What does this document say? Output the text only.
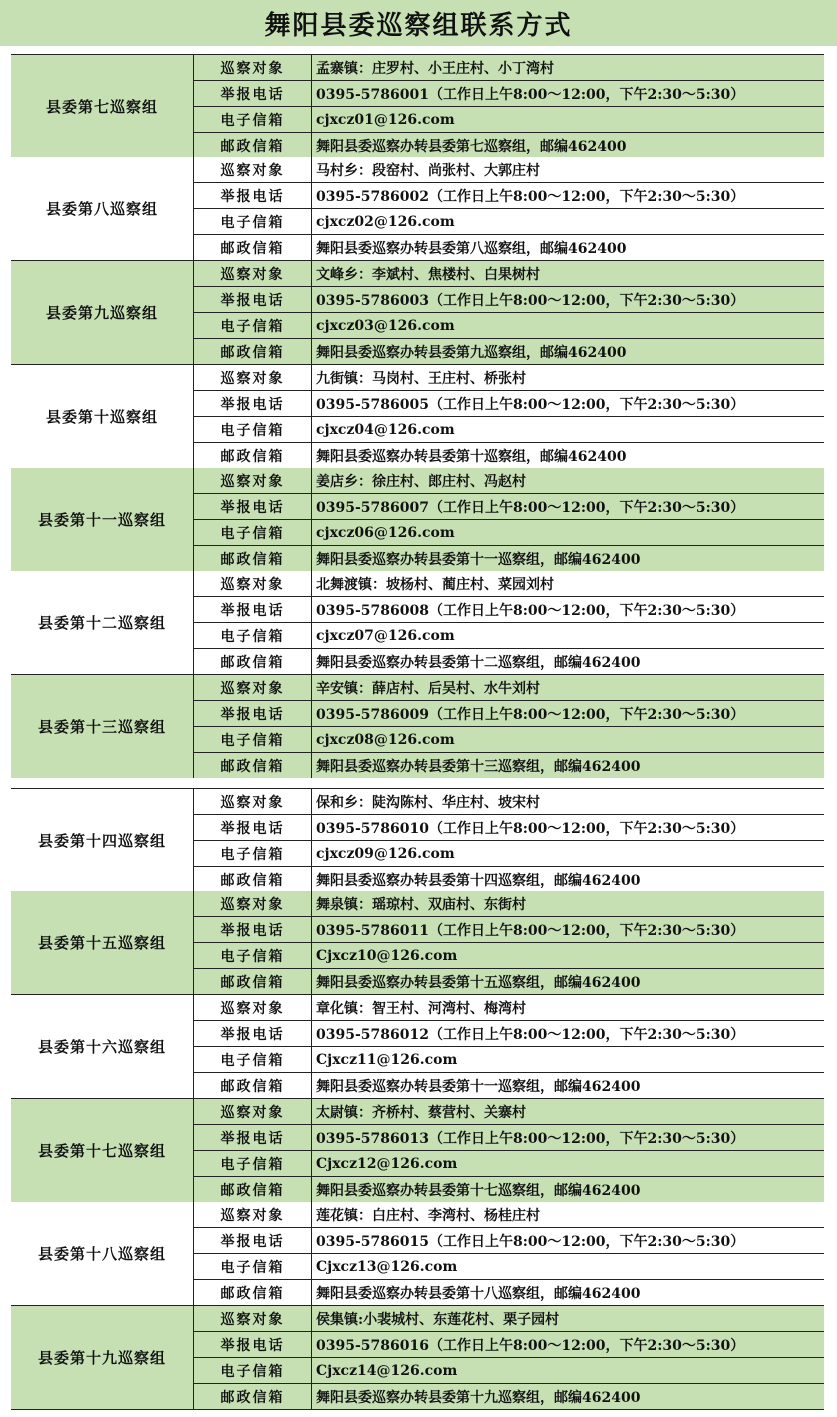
舞阳县委巡察组联系方式
县委第七巡察组
巡察对象	孟寨镇：庄罗村、小王庄村、小丁湾村
举报电话	0395-5786001（工作日上午8:00～12:00，下午2:30～5:30）
电子信箱	cjxcz01@126.com
邮政信箱	舞阳县委巡察办转县委第七巡察组，邮编462400
县委第八巡察组
巡察对象	马村乡：段窑村、尚张村、大郭庄村
举报电话	0395-5786002（工作日上午8:00～12:00，下午2:30～5:30）
电子信箱	cjxcz02@126.com
邮政信箱	舞阳县委巡察办转县委第八巡察组，邮编462400
县委第九巡察组
巡察对象	文峰乡：李斌村、焦楼村、白果树村
举报电话	0395-5786003（工作日上午8:00～12:00，下午2:30～5:30）
电子信箱	cjxcz03@126.com
邮政信箱	舞阳县委巡察办转县委第九巡察组，邮编462400
县委第十巡察组
巡察对象	九街镇：马岗村、王庄村、桥张村
举报电话	0395-5786005（工作日上午8:00～12:00，下午2:30～5:30）
电子信箱	cjxcz04@126.com
邮政信箱	舞阳县委巡察办转县委第十巡察组，邮编462400
县委第十一巡察组
巡察对象	姜店乡：徐庄村、郎庄村、冯赵村
举报电话	0395-5786007（工作日上午8:00～12:00，下午2:30～5:30）
电子信箱	cjxcz06@126.com
邮政信箱	舞阳县委巡察办转县委第十一巡察组，邮编462400
县委第十二巡察组
巡察对象	北舞渡镇：坡杨村、蔺庄村、菜园刘村
举报电话	0395-5786008（工作日上午8:00～12:00，下午2:30～5:30）
电子信箱	cjxcz07@126.com
邮政信箱	舞阳县委巡察办转县委第十二巡察组，邮编462400
县委第十三巡察组
巡察对象	辛安镇：薛店村、后吴村、水牛刘村
举报电话	0395-5786009（工作日上午8:00～12:00，下午2:30～5:30）
电子信箱	cjxcz08@126.com
邮政信箱	舞阳县委巡察办转县委第十三巡察组，邮编462400
县委第十四巡察组
巡察对象	保和乡：陡沟陈村、华庄村、坡宋村
举报电话	0395-5786010（工作日上午8:00～12:00，下午2:30～5:30）
电子信箱	cjxcz09@126.com
邮政信箱	舞阳县委巡察办转县委第十四巡察组，邮编462400
县委第十五巡察组
巡察对象	舞泉镇：瑶琼村、双庙村、东街村
举报电话	0395-5786011（工作日上午8:00～12:00，下午2:30～5:30）
电子信箱	Cjxcz10@126.com
邮政信箱	舞阳县委巡察办转县委第十五巡察组，邮编462400
县委第十六巡察组
巡察对象	章化镇：智王村、河湾村、梅湾村
举报电话	0395-5786012（工作日上午8:00～12:00，下午2:30～5:30）
电子信箱	Cjxcz11@126.com
邮政信箱	舞阳县委巡察办转县委第十一巡察组，邮编462400
县委第十七巡察组
巡察对象	太尉镇：齐桥村、蔡营村、关寨村
举报电话	0395-5786013（工作日上午8:00～12:00，下午2:30～5:30）
电子信箱	Cjxcz12@126.com
邮政信箱	舞阳县委巡察办转县委第十七巡察组，邮编462400
县委第十八巡察组
巡察对象	莲花镇：白庄村、李湾村、杨桂庄村
举报电话	0395-5786015（工作日上午8:00～12:00，下午2:30～5:30）
电子信箱	Cjxcz13@126.com
邮政信箱	舞阳县委巡察办转县委第十八巡察组，邮编462400
县委第十九巡察组
巡察对象	侯集镇:小裴城村、东莲花村、栗子园村
举报电话	0395-5786016（工作日上午8:00～12:00，下午2:30～5:30）
电子信箱	Cjxcz14@126.com
邮政信箱	舞阳县委巡察办转县委第十九巡察组，邮编462400
